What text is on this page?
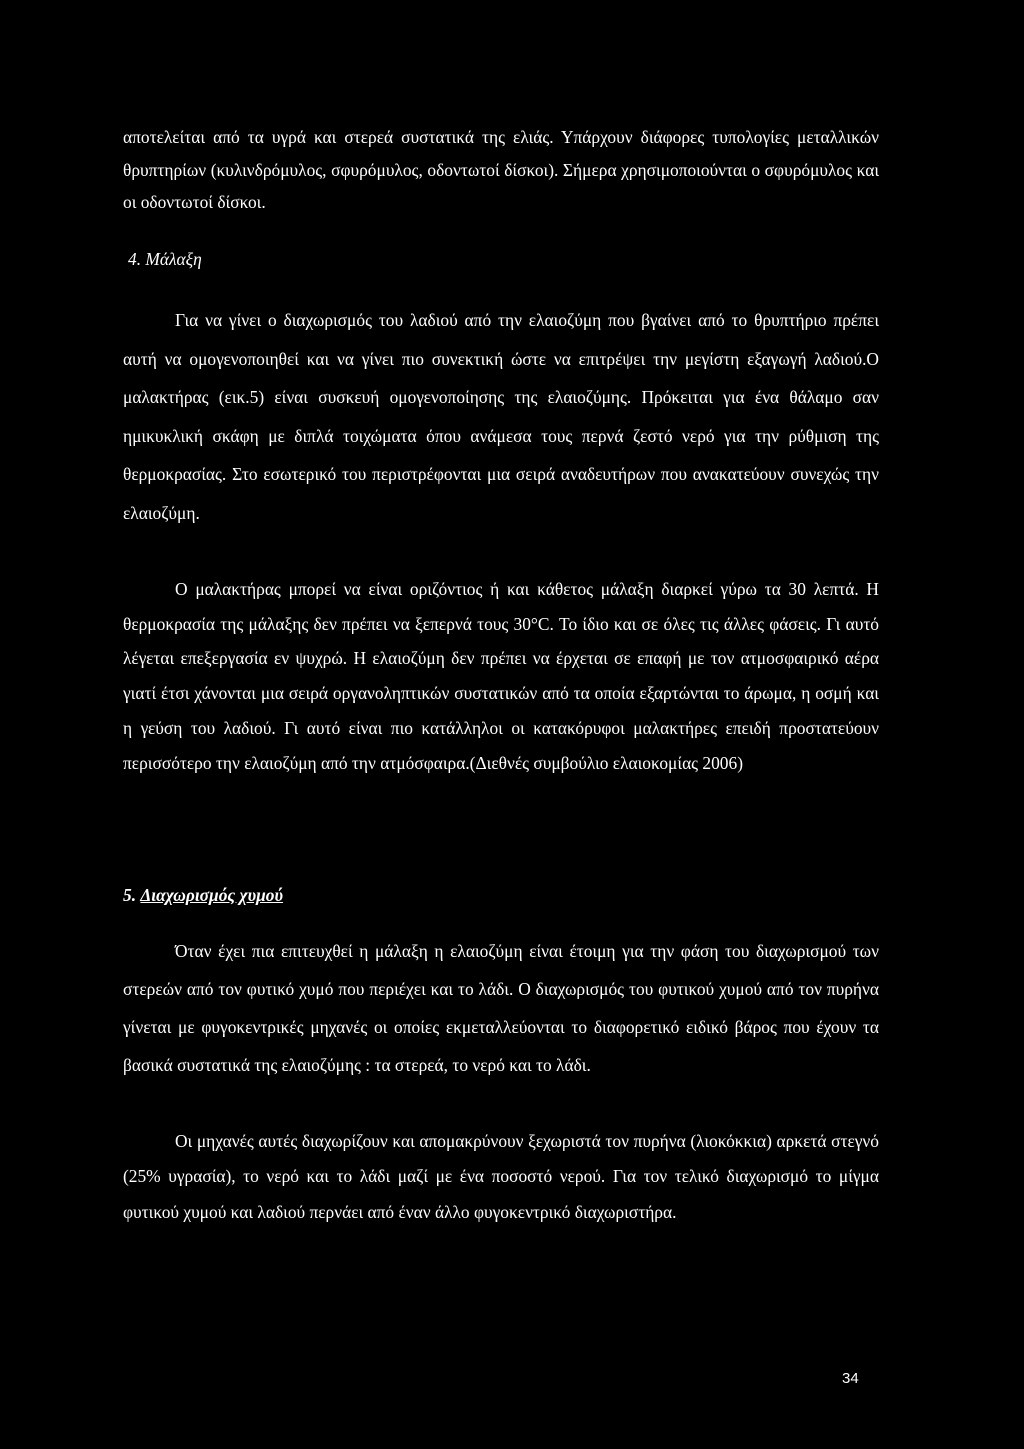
αποτελείται από τα υγρά και στερεά συστατικά της ελιάς. Υπάρχουν διάφορες τυπολογίες μεταλλικών θρυπτηρίων (κυλινδρόμυλος, σφυρόμυλος, οδοντωτοί δίσκοι). Σήμερα χρησιμοποιούνται ο σφυρόμυλος και οι οδοντωτοί δίσκοι.

4. Μάλαξη

Για να γίνει ο διαχωρισμός του λαδιού από την ελαιοζύμη που βγαίνει από το θρυπτήριο πρέπει αυτή να ομογενοποιηθεί και να γίνει πιο συνεκτική ώστε να επιτρέψει την μεγίστη εξαγωγή λαδιού.Ο μαλακτήρας (εικ.5) είναι συσκευή ομογενοποίησης της ελαιοζύμης. Πρόκειται για ένα θάλαμο σαν ημικυκλική σκάφη με διπλά τοιχώματα όπου ανάμεσα τους περνά ζεστό νερό για την ρύθμιση της θερμοκρασίας. Στο εσωτερικό του περιστρέφονται μια σειρά αναδευτήρων που ανακατεύουν συνεχώς την ελαιοζύμη.

Ο μαλακτήρας μπορεί να είναι οριζόντιος ή και κάθετος μάλαξη διαρκεί γύρω τα 30 λεπτά. Η θερμοκρασία της μάλαξης δεν πρέπει να ξεπερνά τους 30°C. Το ίδιο και σε όλες τις άλλες φάσεις. Γι αυτό λέγεται επεξεργασία εν ψυχρώ. Η ελαιοζύμη δεν πρέπει να έρχεται σε επαφή με τον ατμοσφαιρικό αέρα γιατί έτσι χάνονται μια σειρά οργανοληπτικών συστατικών από τα οποία εξαρτώνται το άρωμα, η οσμή και η γεύση του λαδιού. Γι αυτό είναι πιο κατάλληλοι οι κατακόρυφοι μαλακτήρες επειδή προστατεύουν περισσότερο την ελαιοζύμη από την ατμόσφαιρα.(Διεθνές συμβούλιο ελαιοκομίας 2006)

5. Διαχωρισμός χυμού

Όταν έχει πια επιτευχθεί η μάλαξη η ελαιοζύμη είναι έτοιμη για την φάση του διαχωρισμού των στερεών από τον φυτικό χυμό που περιέχει και το λάδι. Ο διαχωρισμός του φυτικού χυμού από τον πυρήνα γίνεται με φυγοκεντρικές μηχανές οι οποίες εκμεταλλεύονται το διαφορετικό ειδικό βάρος που έχουν τα βασικά συστατικά της ελαιοζύμης : τα στερεά, το νερό και το λάδι.

Οι μηχανές αυτές διαχωρίζουν και απομακρύνουν ξεχωριστά τον πυρήνα (λιοκόκκια) αρκετά στεγνό (25% υγρασία), το νερό και το λάδι μαζί με ένα ποσοστό νερού. Για τον τελικό διαχωρισμό το μίγμα φυτικού χυμού και λαδιού περνάει από έναν άλλο φυγοκεντρικό διαχωριστήρα.

34
